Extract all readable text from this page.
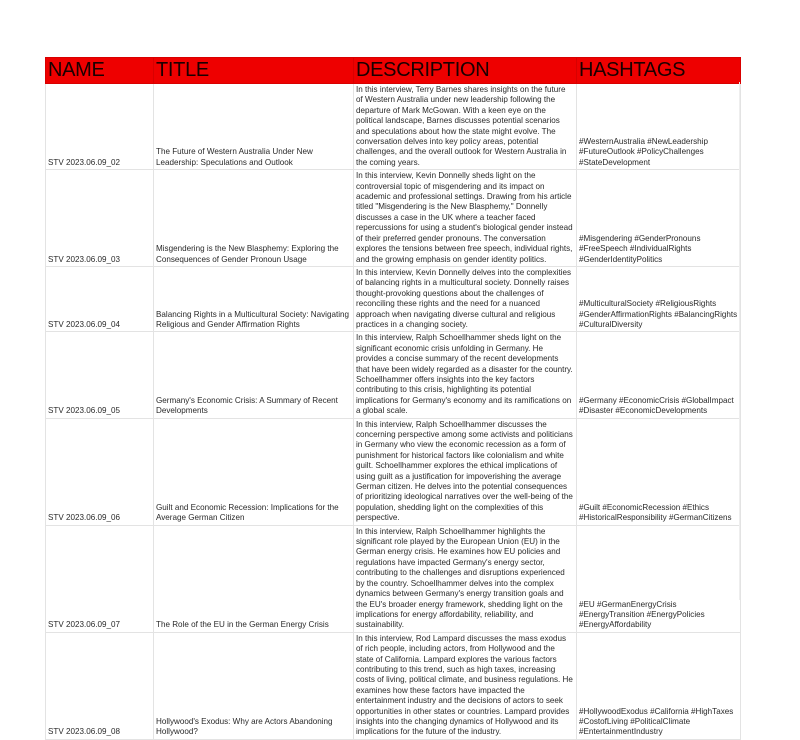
NAME	TITLE	DESCRIPTION	HASHTAGS
STV 2023.06.09_02	The Future of Western Australia Under New Leadership: Speculations and Outlook	In this interview, Terry Barnes shares insights on the future of Western Australia under new leadership following the departure of Mark McGowan. With a keen eye on the political landscape, Barnes discusses potential scenarios and speculations about how the state might evolve. The conversation delves into key policy areas, potential challenges, and the overall outlook for Western Australia in the coming years.	#WesternAustralia #NewLeadership #FutureOutlook #PolicyChallenges #StateDevelopment
STV 2023.06.09_03	Misgendering is the New Blasphemy: Exploring the Consequences of Gender Pronoun Usage	In this interview, Kevin Donnelly sheds light on the controversial topic of misgendering and its impact on academic and professional settings. Drawing from his article titled "Misgendering is the New Blasphemy," Donnelly discusses a case in the UK where a teacher faced repercussions for using a student's biological gender instead of their preferred gender pronouns. The conversation explores the tensions between free speech, individual rights, and the growing emphasis on gender identity politics.	#Misgendering #GenderPronouns #FreeSpeech #IndividualRights #GenderIdentityPolitics
STV 2023.06.09_04	Balancing Rights in a Multicultural Society: Navigating Religious and Gender Affirmation Rights	In this interview, Kevin Donnelly delves into the complexities of balancing rights in a multicultural society. Donnelly raises thought-provoking questions about the challenges of reconciling these rights and the need for a nuanced approach when navigating diverse cultural and religious practices in a changing society.	#MulticulturalSociety #ReligiousRights #GenderAffirmationRights #BalancingRights #CulturalDiversity
STV 2023.06.09_05	Germany's Economic Crisis: A Summary of Recent Developments	In this interview, Ralph Schoellhammer sheds light on the significant economic crisis unfolding in Germany. He provides a concise summary of the recent developments that have been widely regarded as a disaster for the country. Schoellhammer offers insights into the key factors contributing to this crisis, highlighting its potential implications for Germany's economy and its ramifications on a global scale.	#Germany #EconomicCrisis #GlobalImpact #Disaster #EconomicDevelopments
STV 2023.06.09_06	Guilt and Economic Recession: Implications for the Average German Citizen	In this interview, Ralph Schoellhammer discusses the concerning perspective among some activists and politicians in Germany who view the economic recession as a form of punishment for historical factors like colonialism and white guilt. Schoellhammer explores the ethical implications of using guilt as a justification for impoverishing the average German citizen. He delves into the potential consequences of prioritizing ideological narratives over the well-being of the population, shedding light on the complexities of this perspective.	#Guilt #EconomicRecession #Ethics #HistoricalResponsibility #GermanCitizens
STV 2023.06.09_07	The Role of the EU in the German Energy Crisis	In this interview, Ralph Schoellhammer highlights the significant role played by the European Union (EU) in the German energy crisis. He examines how EU policies and regulations have impacted Germany's energy sector, contributing to the challenges and disruptions experienced by the country. Schoellhammer delves into the complex dynamics between Germany's energy transition goals and the EU's broader energy framework, shedding light on the implications for energy affordability, reliability, and sustainability.	#EU #GermanEnergyCrisis #EnergyTransition #EnergyPolicies #EnergyAffordability
STV 2023.06.09_08	Hollywood's Exodus: Why are Actors Abandoning Hollywood?	In this interview, Rod Lampard discusses the mass exodus of rich people, including actors, from Hollywood and the state of California. Lampard explores the various factors contributing to this trend, such as high taxes, increasing costs of living, political climate, and business regulations. He examines how these factors have impacted the entertainment industry and the decisions of actors to seek opportunities in other states or countries. Lampard provides insights into the changing dynamics of Hollywood and its implications for the future of the industry.	#HollywoodExodus #California #HighTaxes #CostofLiving #PoliticalClimate #EntertainmentIndustry
